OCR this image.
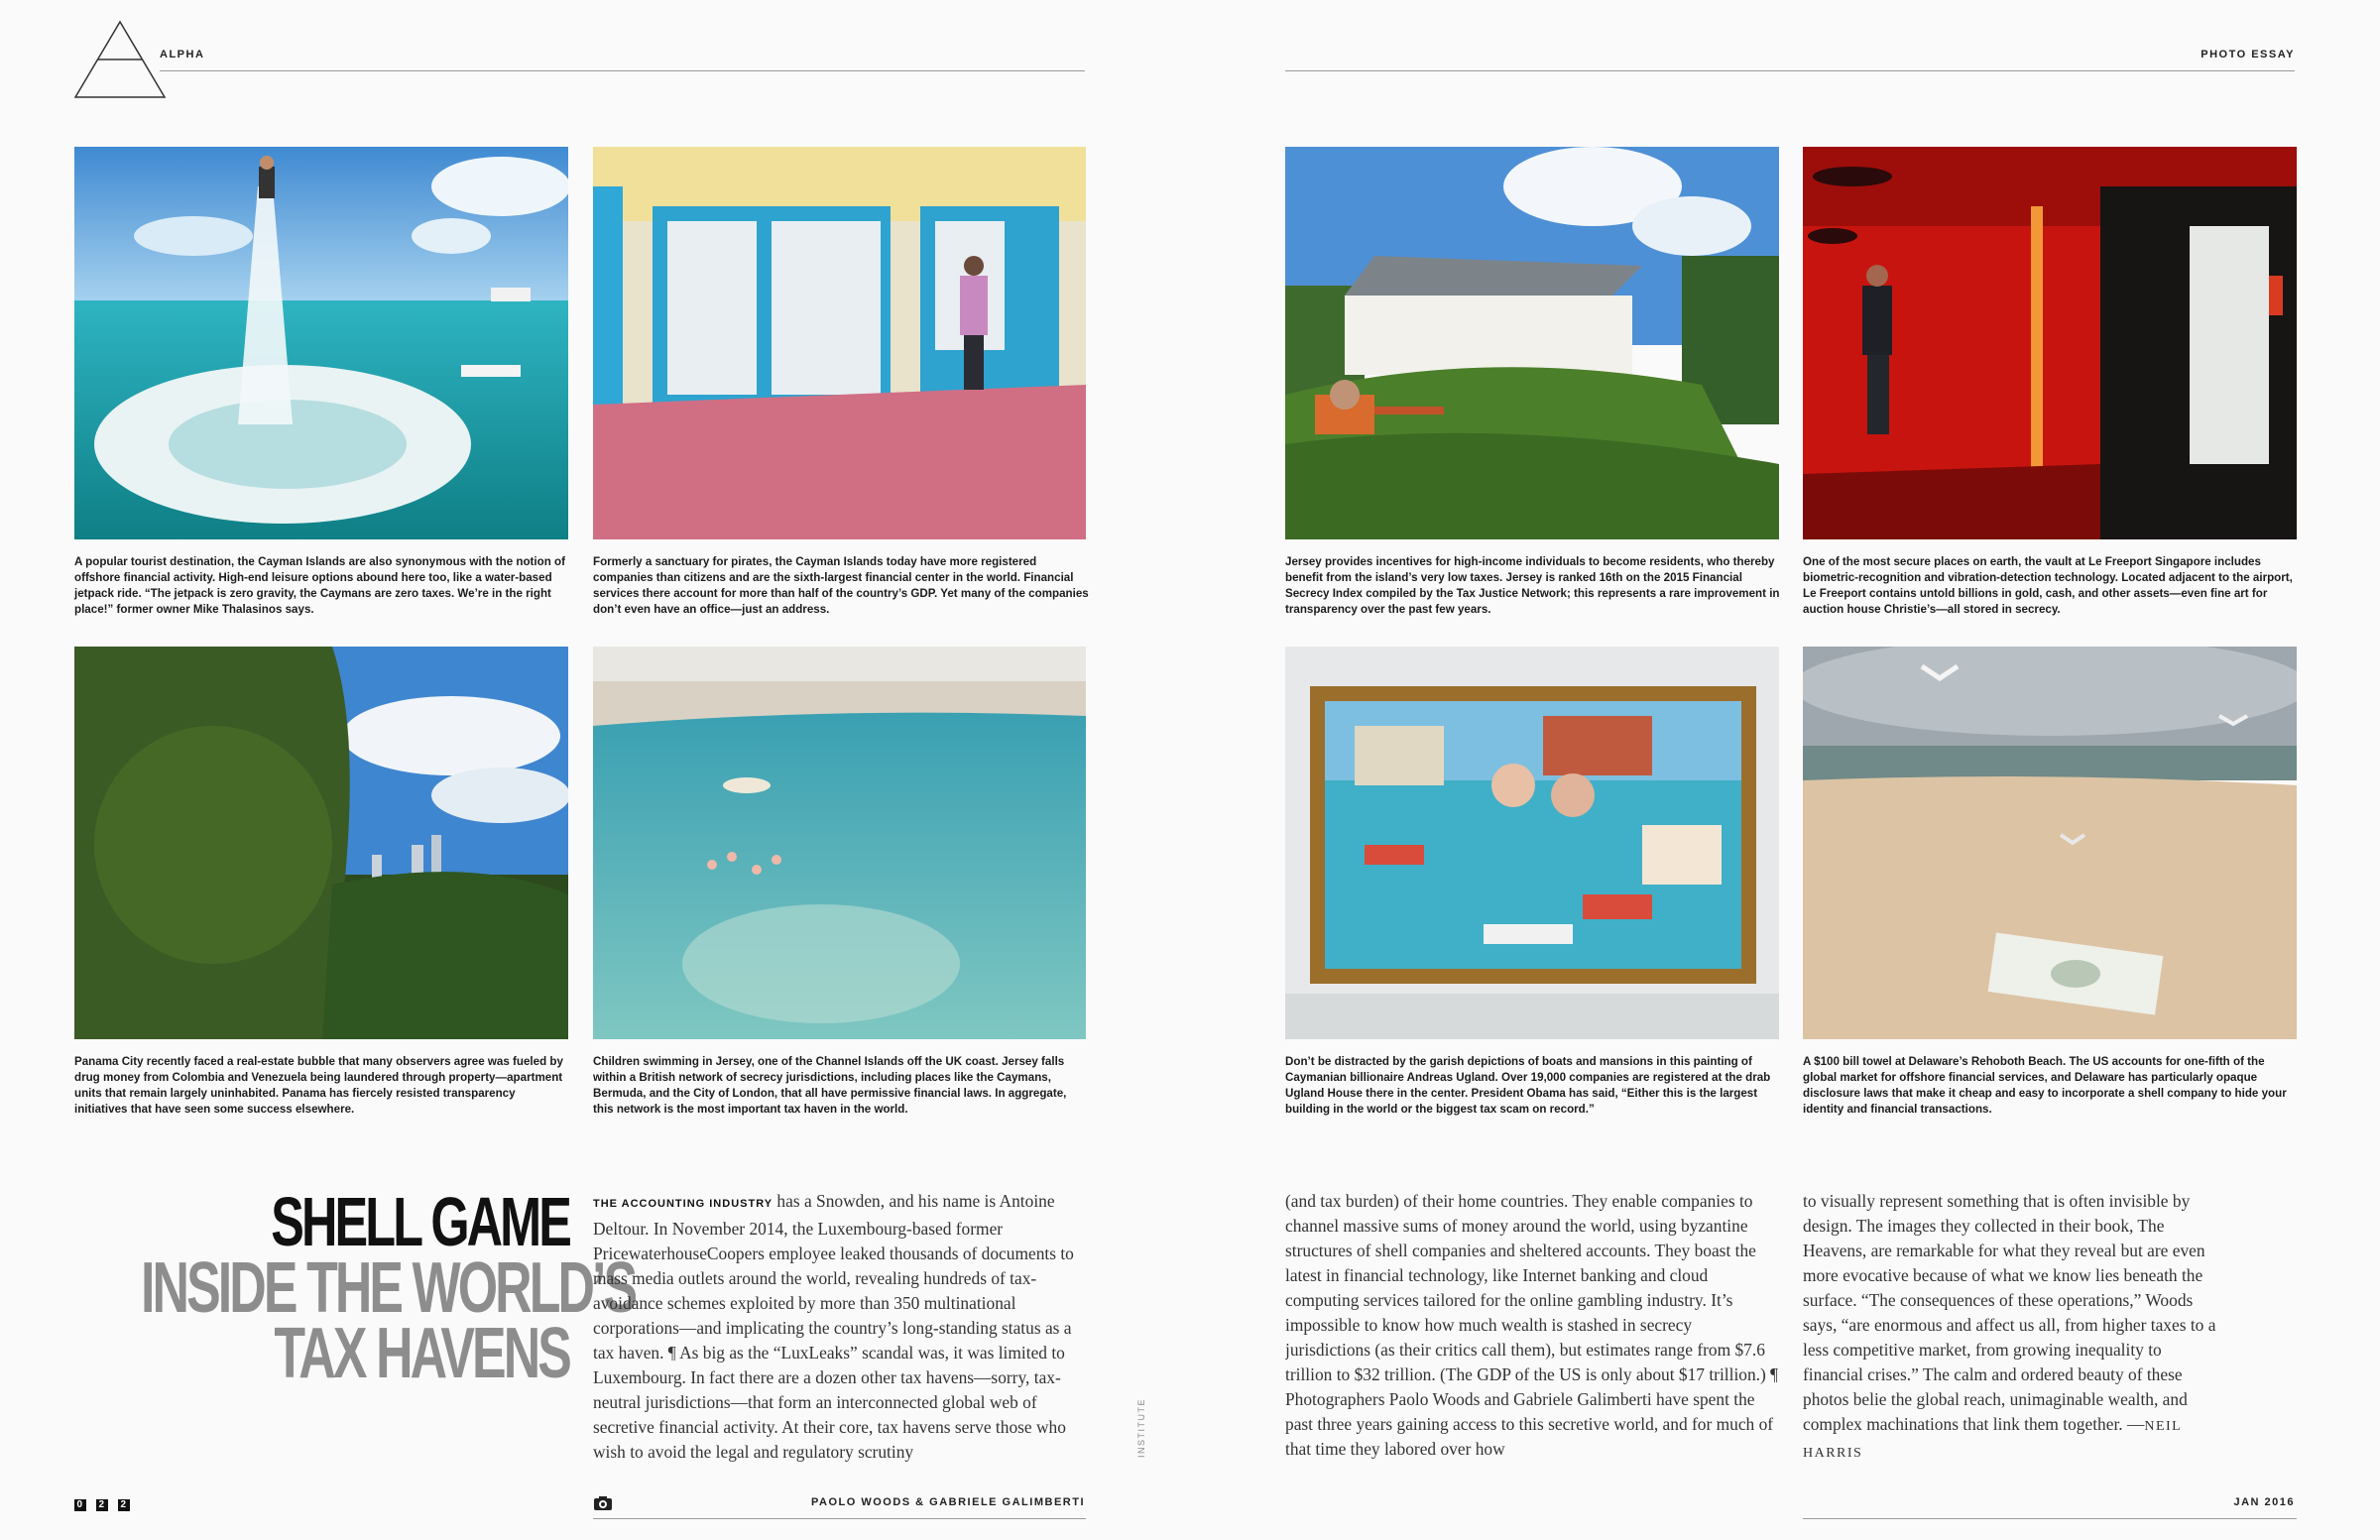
ALPHA	PHOTO ESSAY
A popular tourist destination, the Cayman Islands are also synonymous with the notion of offshore financial activity. High-end leisure options abound here too, like a water-based jetpack ride. “The jetpack is zero gravity, the Caymans are zero taxes. We’re in the right place!” former owner Mike Thalasinos says.
Formerly a sanctuary for pirates, the Cayman Islands today have more registered companies than citizens and are the sixth-largest financial center in the world. Financial services there account for more than half of the country’s GDP. Yet many of the companies don’t even have an office—just an address.
Jersey provides incentives for high-income individuals to become residents, who thereby benefit from the island’s very low taxes. Jersey is ranked 16th on the 2015 Financial Secrecy Index compiled by the Tax Justice Network; this represents a rare improvement in transparency over the past few years.
One of the most secure places on earth, the vault at Le Freeport Singapore includes biometric-recognition and vibration-detection technology. Located adjacent to the airport, Le Freeport contains untold billions in gold, cash, and other assets—even fine art for auction house Christie’s—all stored in secrecy.
Panama City recently faced a real-estate bubble that many observers agree was fueled by drug money from Colombia and Venezuela being laundered through property—apartment units that remain largely uninhabited. Panama has fiercely resisted transparency initiatives that have seen some success elsewhere.
Children swimming in Jersey, one of the Channel Islands off the UK coast. Jersey falls within a British network of secrecy jurisdictions, including places like the Caymans, Bermuda, and the City of London, that all have permissive financial laws. In aggregate, this network is the most important tax haven in the world.
Don’t be distracted by the garish depictions of boats and mansions in this painting of Caymanian billionaire Andreas Ugland. Over 19,000 companies are registered at the drab Ugland House there in the center. President Obama has said, “Either this is the largest building in the world or the biggest tax scam on record.”
A $100 bill towel at Delaware’s Rehoboth Beach. The US accounts for one-fifth of the global market for offshore financial services, and Delaware has particularly opaque disclosure laws that make it cheap and easy to incorporate a shell company to hide your identity and financial transactions.
SHELL GAME
INSIDE THE WORLD’S
TAX HAVENS
THE ACCOUNTING INDUSTRY has a Snowden, and his name is Antoine Deltour. In November 2014, the Luxembourg-based former PricewaterhouseCoopers employee leaked thousands of documents to mass media outlets around the world, revealing hundreds of tax-avoidance schemes exploited by more than 350 multinational corporations—and implicating the country’s long-standing status as a tax haven. ¶ As big as the “LuxLeaks” scandal was, it was limited to Luxembourg. In fact there are a dozen other tax havens—sorry, tax-neutral jurisdictions—that form an interconnected global web of secretive financial activity. At their core, tax havens serve those who wish to avoid the legal and regulatory scrutiny
(and tax burden) of their home countries. They enable companies to channel massive sums of money around the world, using byzantine structures of shell companies and sheltered accounts. They boast the latest in financial technology, like Internet banking and cloud computing services tailored for the online gambling industry. It’s impossible to know how much wealth is stashed in secrecy jurisdictions (as their critics call them), but estimates range from $7.6 trillion to $32 trillion. (The GDP of the US is only about $17 trillion.) ¶ Photographers Paolo Woods and Gabriele Galimberti have spent the past three years gaining access to this secretive world, and for much of that time they labored over how
to visually represent something that is often invisible by design. The images they collected in their book, The Heavens, are remarkable for what they reveal but are even more evocative because of what we know lies beneath the surface. “The consequences of these operations,” Woods says, “are enormous and affect us all, from higher taxes to a less competitive market, from growing inequality to financial crises.” The calm and ordered beauty of these photos belie the global reach, unimaginable wealth, and complex machinations that link them together. —NEIL HARRIS
INSTITUTE
0 2 2	PAOLO WOODS & GABRIELE GALIMBERTI	JAN 2016
